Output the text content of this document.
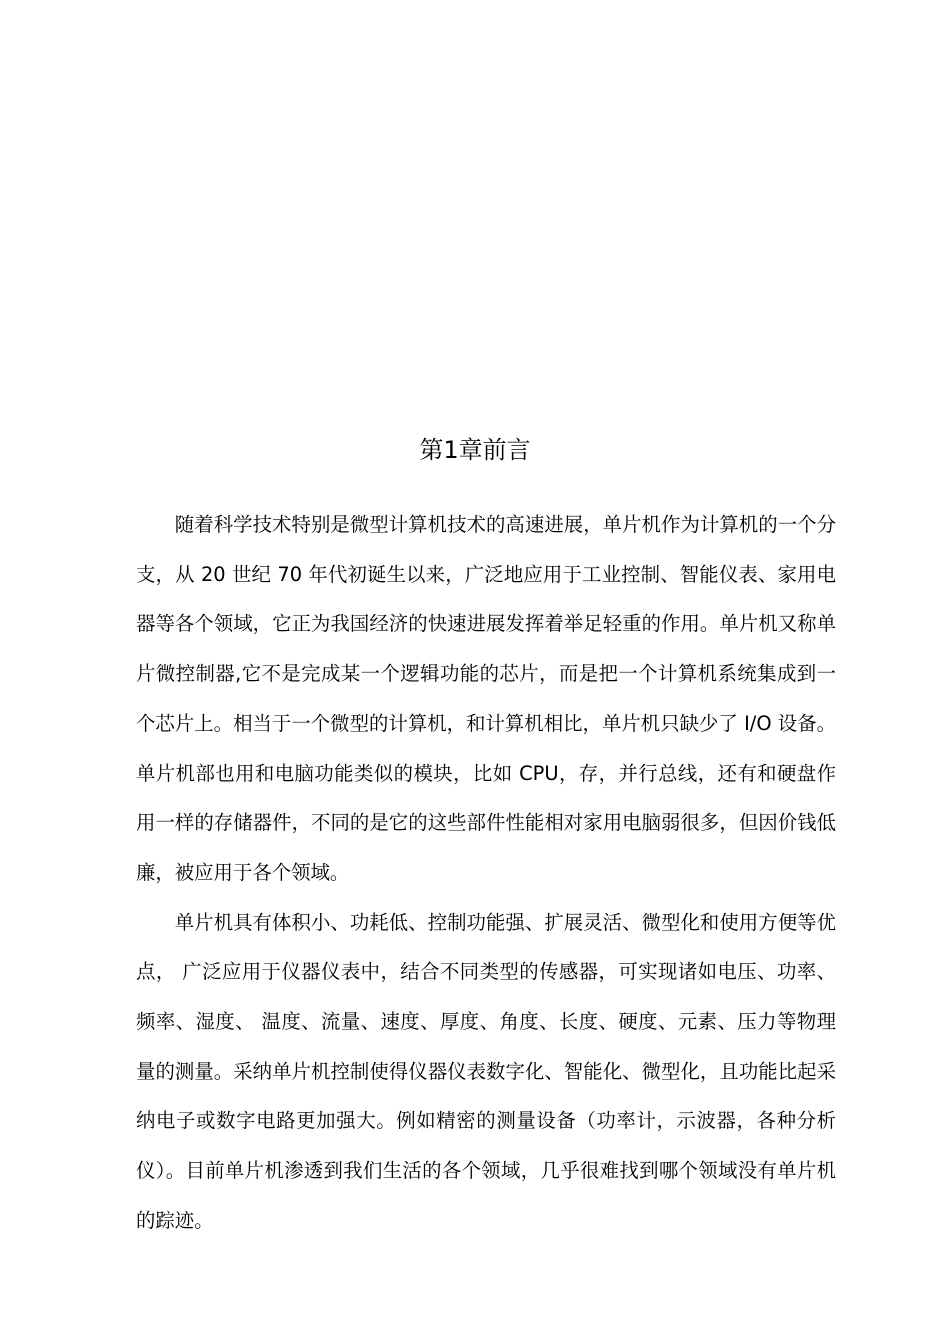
第1章前言

随着科学技术特别是微型计算机技术的高速进展，单片机作为计算机的一个分支，从 20 世纪 70 年代初诞生以来，广泛地应用于工业控制、智能仪表、家用电器等各个领域，它正为我国经济的快速进展发挥着举足轻重的作用。单片机又称单片微控制器,它不是完成某一个逻辑功能的芯片，而是把一个计算机系统集成到一个芯片上。相当于一个微型的计算机，和计算机相比，单片机只缺少了 I/O 设备。单片机部也用和电脑功能类似的模块，比如 CPU，存，并行总线，还有和硬盘作用一样的存储器件，不同的是它的这些部件性能相对家用电脑弱很多，但因价钱低廉，被应用于各个领域。

单片机具有体积小、功耗低、控制功能强、扩展灵活、微型化和使用方便等优点， 广泛应用于仪器仪表中，结合不同类型的传感器，可实现诸如电压、功率、频率、湿度、 温度、流量、速度、厚度、角度、长度、硬度、元素、压力等物理量的测量。采纳单片机控制使得仪器仪表数字化、智能化、微型化，且功能比起采纳电子或数字电路更加强大。例如精密的测量设备（功率计，示波器，各种分析仪）。目前单片机渗透到我们生活的各个领域，几乎很难找到哪个领域没有单片机的踪迹。
